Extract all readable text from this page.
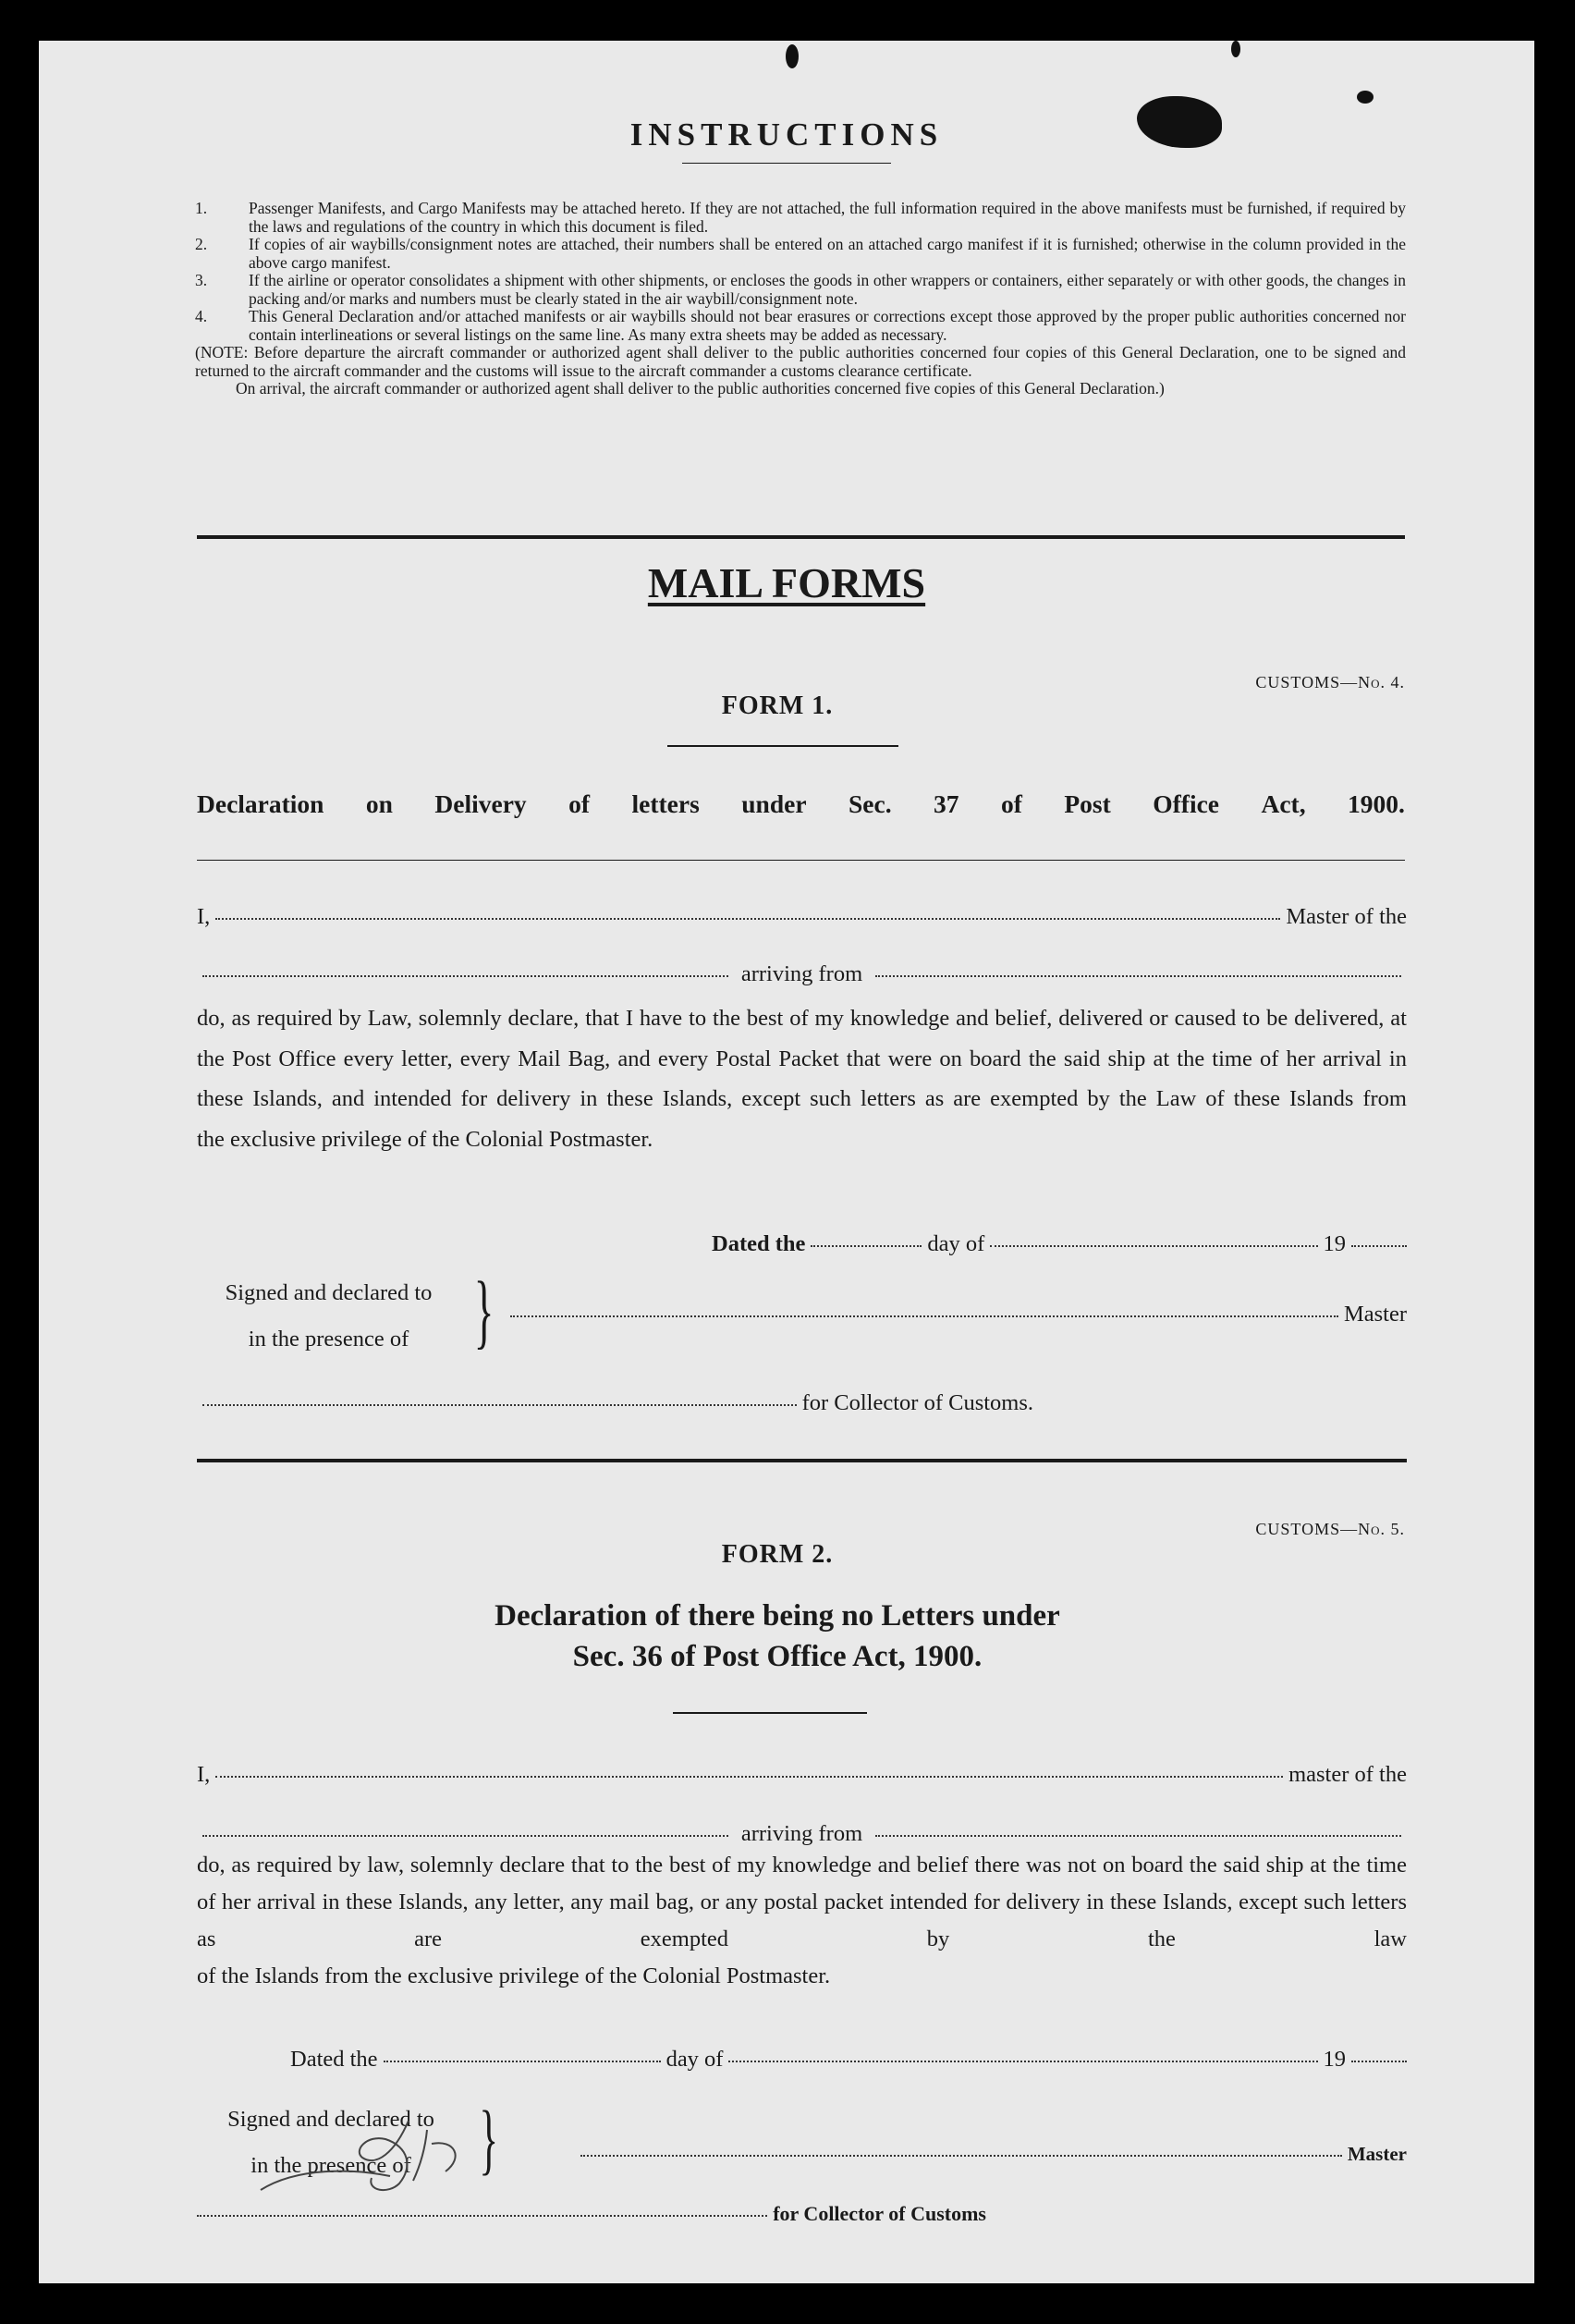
INSTRUCTIONS
1.	Passenger Manifests, and Cargo Manifests may be attached hereto. If they are not attached, the full information required in the above manifests must be furnished, if required by the laws and regulations of the country in which this document is filed.
2.	If copies of air waybills/consignment notes are attached, their numbers shall be entered on an attached cargo manifest if it is furnished; otherwise in the column provided in the above cargo manifest.
3.	If the airline or operator consolidates a shipment with other shipments, or encloses the goods in other wrappers or containers, either separately or with other goods, the changes in packing and/or marks and numbers must be clearly stated in the air waybill/consignment note.
4.	This General Declaration and/or attached manifests or air waybills should not bear erasures or corrections except those approved by the proper public authorities concerned nor contain interlineations or several listings on the same line. As many extra sheets may be added as necessary.
(NOTE: Before departure the aircraft commander or authorized agent shall deliver to the public authorities concerned four copies of this General Declaration, one to be signed and returned to the aircraft commander and the customs will issue to the aircraft commander a customs clearance certificate.
On arrival, the aircraft commander or authorized agent shall deliver to the public authorities concerned five copies of this General Declaration.)
MAIL FORMS
CUSTOMS—No. 4.
FORM 1.
Declaration on Delivery of letters under Sec. 37 of Post Office Act, 1900.
I,	Master of the
arriving from
do, as required by Law, solemnly declare, that I have to the best of my knowledge and belief, delivered or caused to be delivered, at the Post Office every letter, every Mail Bag, and every Postal Packet that were on board the said ship at the time of her arrival in these Islands, and intended for delivery in these Islands, except such letters as are exempted by the Law of these Islands from
the exclusive privilege of the Colonial Postmaster.
Dated the	day of	19
Signed and declared to
in the presence of }	Master
for Collector of Customs.
CUSTOMS—No. 5.
FORM 2.
Declaration of there being no Letters under
Sec. 36 of Post Office Act, 1900.
I,	master of the
arriving from
do, as required by law, solemnly declare that to the best of my knowledge and belief there was not on board the said ship at the time of her arrival in these Islands, any letter, any mail bag, or any postal packet intended for delivery in these Islands, except such letters as are exempted by the law
of the Islands from the exclusive privilege of the Colonial Postmaster.
Dated the	day of	19
Signed and declared to
in the presence of }	Master
for Collector of Customs
